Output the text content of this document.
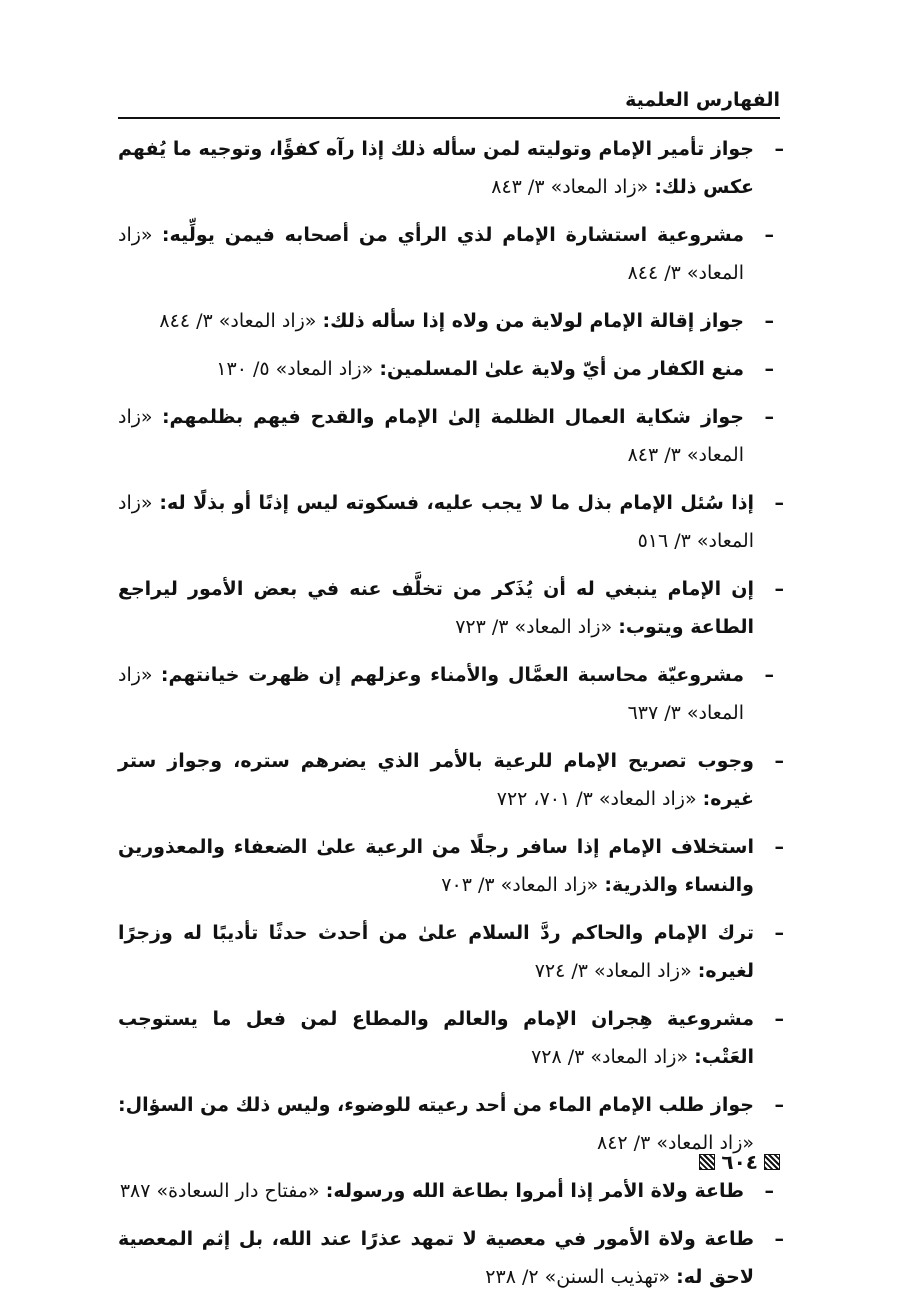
الفهارس العلمية
–
جواز تأمير الإمام وتوليته لمن سأله ذلك إذا رآه كفؤًا، وتوجيه ما يُفهم عكس ذلك: «زاد المعاد» ٣/ ٨٤٣
–
مشروعية استشارة الإمام لذي الرأي من أصحابه فيمن يولِّيه: «زاد المعاد» ٣/ ٨٤٤
–
جواز إقالة الإمام لولاية من ولاه إذا سأله ذلك: «زاد المعاد» ٣/ ٨٤٤
–
منع الكفار من أيّ ولاية علىٰ المسلمين: «زاد المعاد» ٥/ ١٣٠
–
جواز شكاية العمال الظلمة إلىٰ الإمام والقدح فيهم بظلمهم: «زاد المعاد» ٣/ ٨٤٣
–
إذا سُئل الإمام بذل ما لا يجب عليه، فسكوته ليس إذنًا أو بذلًا له: «زاد المعاد» ٣/ ٥١٦
–
إن الإمام ينبغي له أن يُذَكر من تخلَّف عنه في بعض الأمور ليراجع الطاعة ويتوب: «زاد المعاد» ٣/ ٧٢٣
–
مشروعيّة محاسبة العمَّال والأمناء وعزلهم إن ظهرت خيانتهم: «زاد المعاد» ٣/ ٦٣٧
–
وجوب تصريح الإمام للرعية بالأمر الذي يضرهم ستره، وجواز ستر غيره: «زاد المعاد» ٣/ ٧٠١، ٧٢٢
–
استخلاف الإمام إذا سافر رجلًا من الرعية علىٰ الضعفاء والمعذورين والنساء والذرية: «زاد المعاد» ٣/ ٧٠٣
–
ترك الإمام والحاكم ردَّ السلام علىٰ من أحدث حدثًا تأديبًا له وزجرًا لغيره: «زاد المعاد» ٣/ ٧٢٤
–
مشروعية هِجران الإمام والعالم والمطاع لمن فعل ما يستوجب العَتْب: «زاد المعاد» ٣/ ٧٢٨
–
جواز طلب الإمام الماء من أحد رعيته للوضوء، وليس ذلك من السؤال: «زاد المعاد» ٣/ ٨٤٢
–
طاعة ولاة الأمر إذا أمروا بطاعة الله ورسوله: «مفتاح دار السعادة» ٣٨٧
–
طاعة ولاة الأمور في معصية لا تمهد عذرًا عند الله، بل إثم المعصية لاحق له: «تهذيب السنن» ٢/ ٢٣٨
٦٠٤
